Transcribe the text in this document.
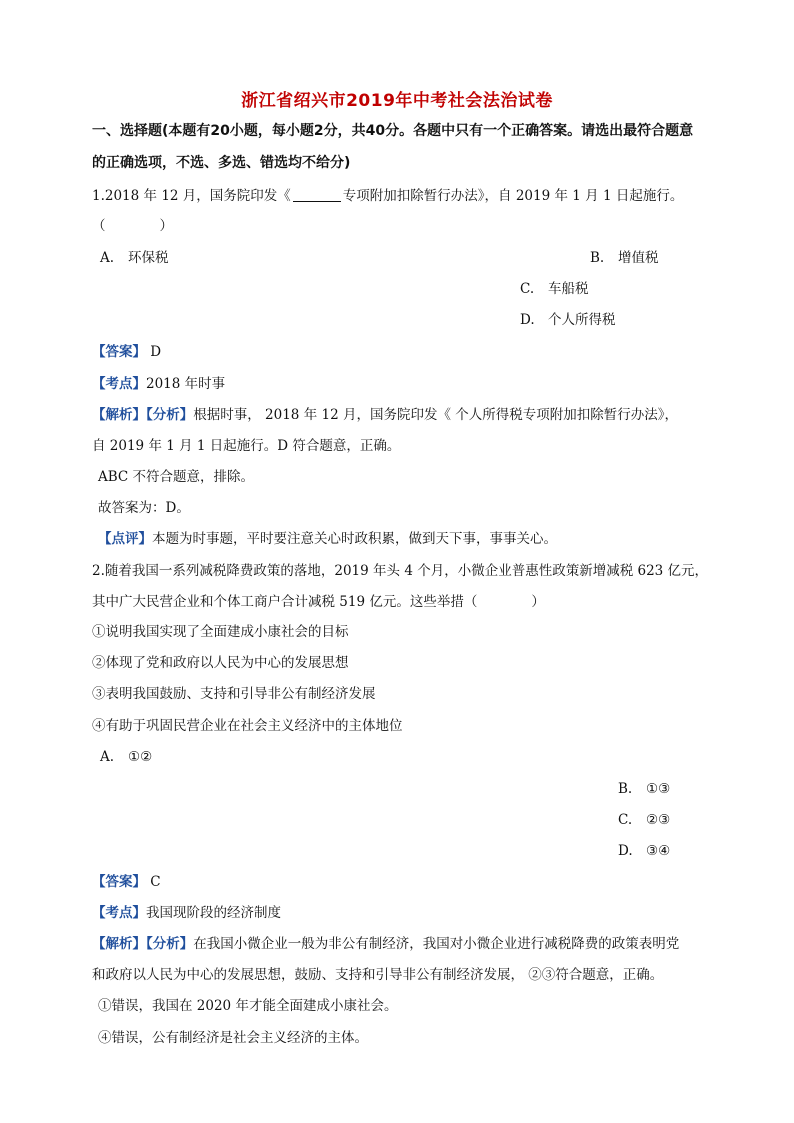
浙江省绍兴市2019年中考社会法治试卷
一、选择题(本题有20小题，每小题2分，共40分。各题中只有一个正确答案。请选出最符合题意
的正确选项，不选、多选、错选均不给分)
1.2018 年 12 月，国务院印发《	专项附加扣除暂行办法》，自 2019 年 1 月 1 日起施行。
（　　　　）
A. 环保税	B. 增值税
C. 车船税
D. 个人所得税
【答案】 D
【考点】2018 年时事
【解析】【分析】根据时事， 2018 年 12 月，国务院印发《 个人所得税专项附加扣除暂行办法》，
自 2019 年 1 月 1 日起施行。D 符合题意，正确。
ABC 不符合题意，排除。
故答案为：D。
【点评】本题为时事题，平时要注意关心时政积累，做到天下事，事事关心。
2.随着我国一系列减税降费政策的落地，2019 年头 4 个月，小微企业普惠性政策新增减税 623 亿元，
其中广大民营企业和个体工商户合计减税 519 亿元。这些举措（　　　　）
①说明我国实现了全面建成小康社会的目标
②体现了党和政府以人民为中心的发展思想
③表明我国鼓励、支持和引导非公有制经济发展
④有助于巩固民营企业在社会主义经济中的主体地位
A. ①②
B. ①③
C. ②③
D. ③④
【答案】 C
【考点】我国现阶段的经济制度
【解析】【分析】在我国小微企业一般为非公有制经济，我国对小微企业进行减税降费的政策表明党
和政府以人民为中心的发展思想，鼓励、支持和引导非公有制经济发展， ②③符合题意，正确。
①错误，我国在 2020 年才能全面建成小康社会。
④错误，公有制经济是社会主义经济的主体。
